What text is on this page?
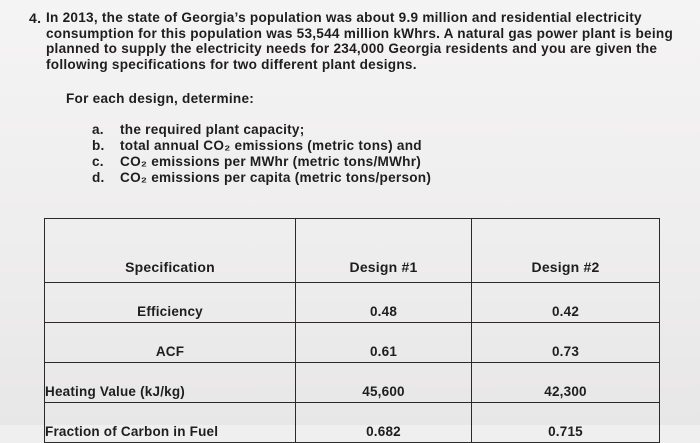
4. In 2013, the state of Georgia’s population was about 9.9 million and residential electricity consumption for this population was 53,544 million kWhrs. A natural gas power plant is being planned to supply the electricity needs for 234,000 Georgia residents and you are given the following specifications for two different plant designs.

For each design, determine:
a. the required plant capacity;
b. total annual CO₂ emissions (metric tons) and
c. CO₂ emissions per MWhr (metric tons/MWhr)
d. CO₂ emissions per capita (metric tons/person)
Specification	Design #1	Design #2
Efficiency	0.48	0.42
ACF	0.61	0.73
Heating Value (kJ/kg)	45,600	42,300
Fraction of Carbon in Fuel	0.682	0.715
